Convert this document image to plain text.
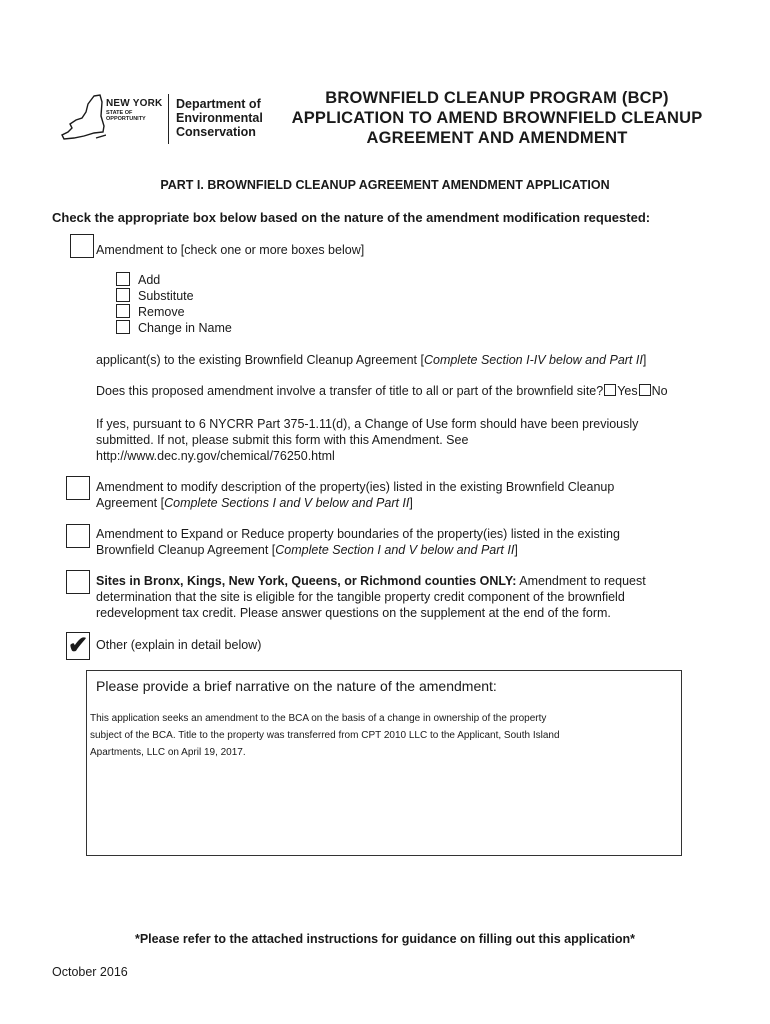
NEW YORK
STATE OF
OPPORTUNITY
Department of
Environmental
Conservation
BROWNFIELD CLEANUP PROGRAM (BCP)
APPLICATION TO AMEND BROWNFIELD CLEANUP
AGREEMENT AND AMENDMENT
PART I. BROWNFIELD CLEANUP AGREEMENT AMENDMENT APPLICATION
Check the appropriate box below based on the nature of the amendment modification requested:
Amendment to [check one or more boxes below]
Add
Substitute
Remove
Change in Name
applicant(s) to the existing Brownfield Cleanup Agreement [Complete Section I-IV below and Part II]
Does this proposed amendment involve a transfer of title to all or part of the brownfield site? Yes No
If yes, pursuant to 6 NYCRR Part 375-1.11(d), a Change of Use form should have been previously
submitted. If not, please submit this form with this Amendment. See
http://www.dec.ny.gov/chemical/76250.html
Amendment to modify description of the property(ies) listed in the existing Brownfield Cleanup
Agreement [Complete Sections I and V below and Part II]
Amendment to Expand or Reduce property boundaries of the property(ies) listed in the existing
Brownfield Cleanup Agreement [Complete Section I and V below and Part II]
Sites in Bronx, Kings, New York, Queens, or Richmond counties ONLY: Amendment to request
determination that the site is eligible for the tangible property credit component of the brownfield
redevelopment tax credit. Please answer questions on the supplement at the end of the form.
✔ Other (explain in detail below)
Please provide a brief narrative on the nature of the amendment:
This application seeks an amendment to the BCA on the basis of a change in ownership of the property
subject of the BCA. Title to the property was transferred from CPT 2010 LLC to the Applicant, South Island
Apartments, LLC on April 19, 2017.
*Please refer to the attached instructions for guidance on filling out this application*
October 2016
